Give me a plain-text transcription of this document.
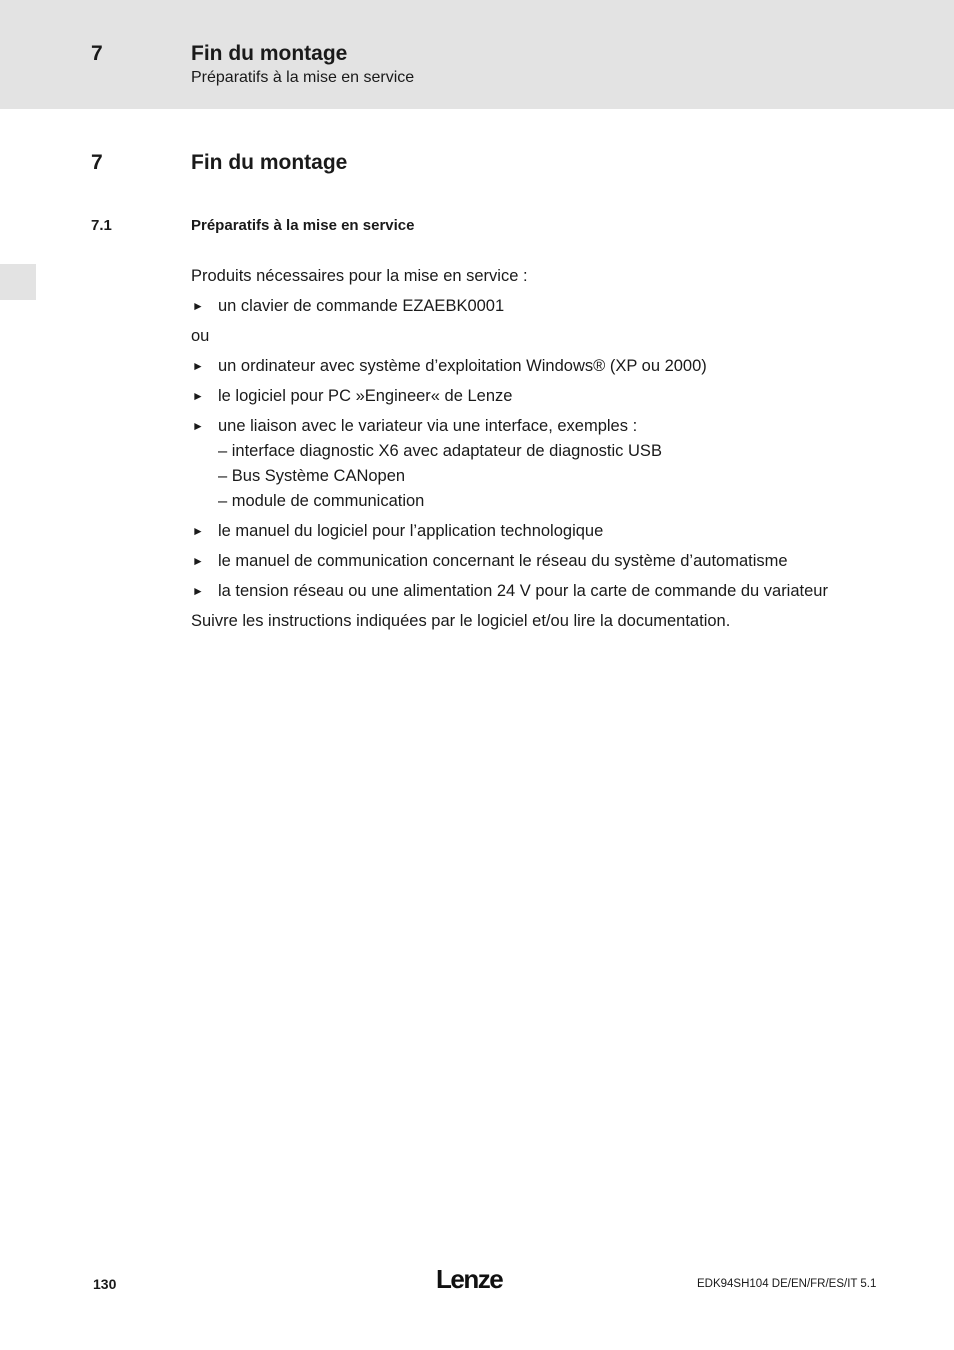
7	Fin du montage
Préparatifs à la mise en service
7	Fin du montage
7.1	Préparatifs à la mise en service

Produits nécessaires pour la mise en service :

► un clavier de commande EZAEBK0001

ou

► un ordinateur avec système d’exploitation Windows® (XP ou 2000)
► le logiciel pour PC »Engineer« de Lenze
► une liaison avec le variateur via une interface, exemples :
– interface diagnostic X6 avec adaptateur de diagnostic USB
– Bus Système CANopen
– module de communication
► le manuel du logiciel pour l’application technologique
► le manuel de communication concernant le réseau du système d’automatisme
► la tension réseau ou une alimentation 24 V pour la carte de commande du variateur

Suivre les instructions indiquées par le logiciel et/ou lire la documentation.

130	Lenze	EDK94SH104 DE/EN/FR/ES/IT 5.1
